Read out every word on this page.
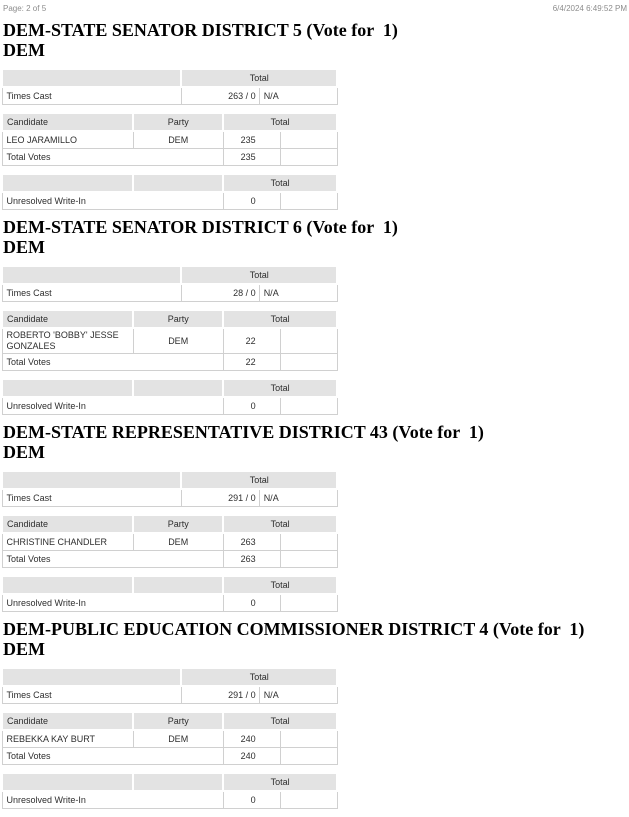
Page: 2 of 5	6/4/2024 6:49:52 PM
DEM-STATE SENATOR DISTRICT 5 (Vote for  1)
DEM
	Total	
Times Cast	263 / 0	N/A
Candidate	Party	Total	
LEO JARAMILLO	DEM	235	
Total Votes		235	
		Total	
Unresolved Write-In		0	
DEM-STATE SENATOR DISTRICT 6 (Vote for  1)
DEM
	Total	
Times Cast	28 / 0	N/A
Candidate	Party	Total	
ROBERTO 'BOBBY' JESSE GONZALES	DEM	22	
Total Votes		22	
		Total	
Unresolved Write-In		0	
DEM-STATE REPRESENTATIVE DISTRICT 43 (Vote for  1)
DEM
	Total	
Times Cast	291 / 0	N/A
Candidate	Party	Total	
CHRISTINE CHANDLER	DEM	263	
Total Votes		263	
		Total	
Unresolved Write-In		0	
DEM-PUBLIC EDUCATION COMMISSIONER DISTRICT 4 (Vote for  1)
DEM
	Total	
Times Cast	291 / 0	N/A
Candidate	Party	Total	
REBEKKA KAY BURT	DEM	240	
Total Votes		240	
		Total	
Unresolved Write-In		0	
